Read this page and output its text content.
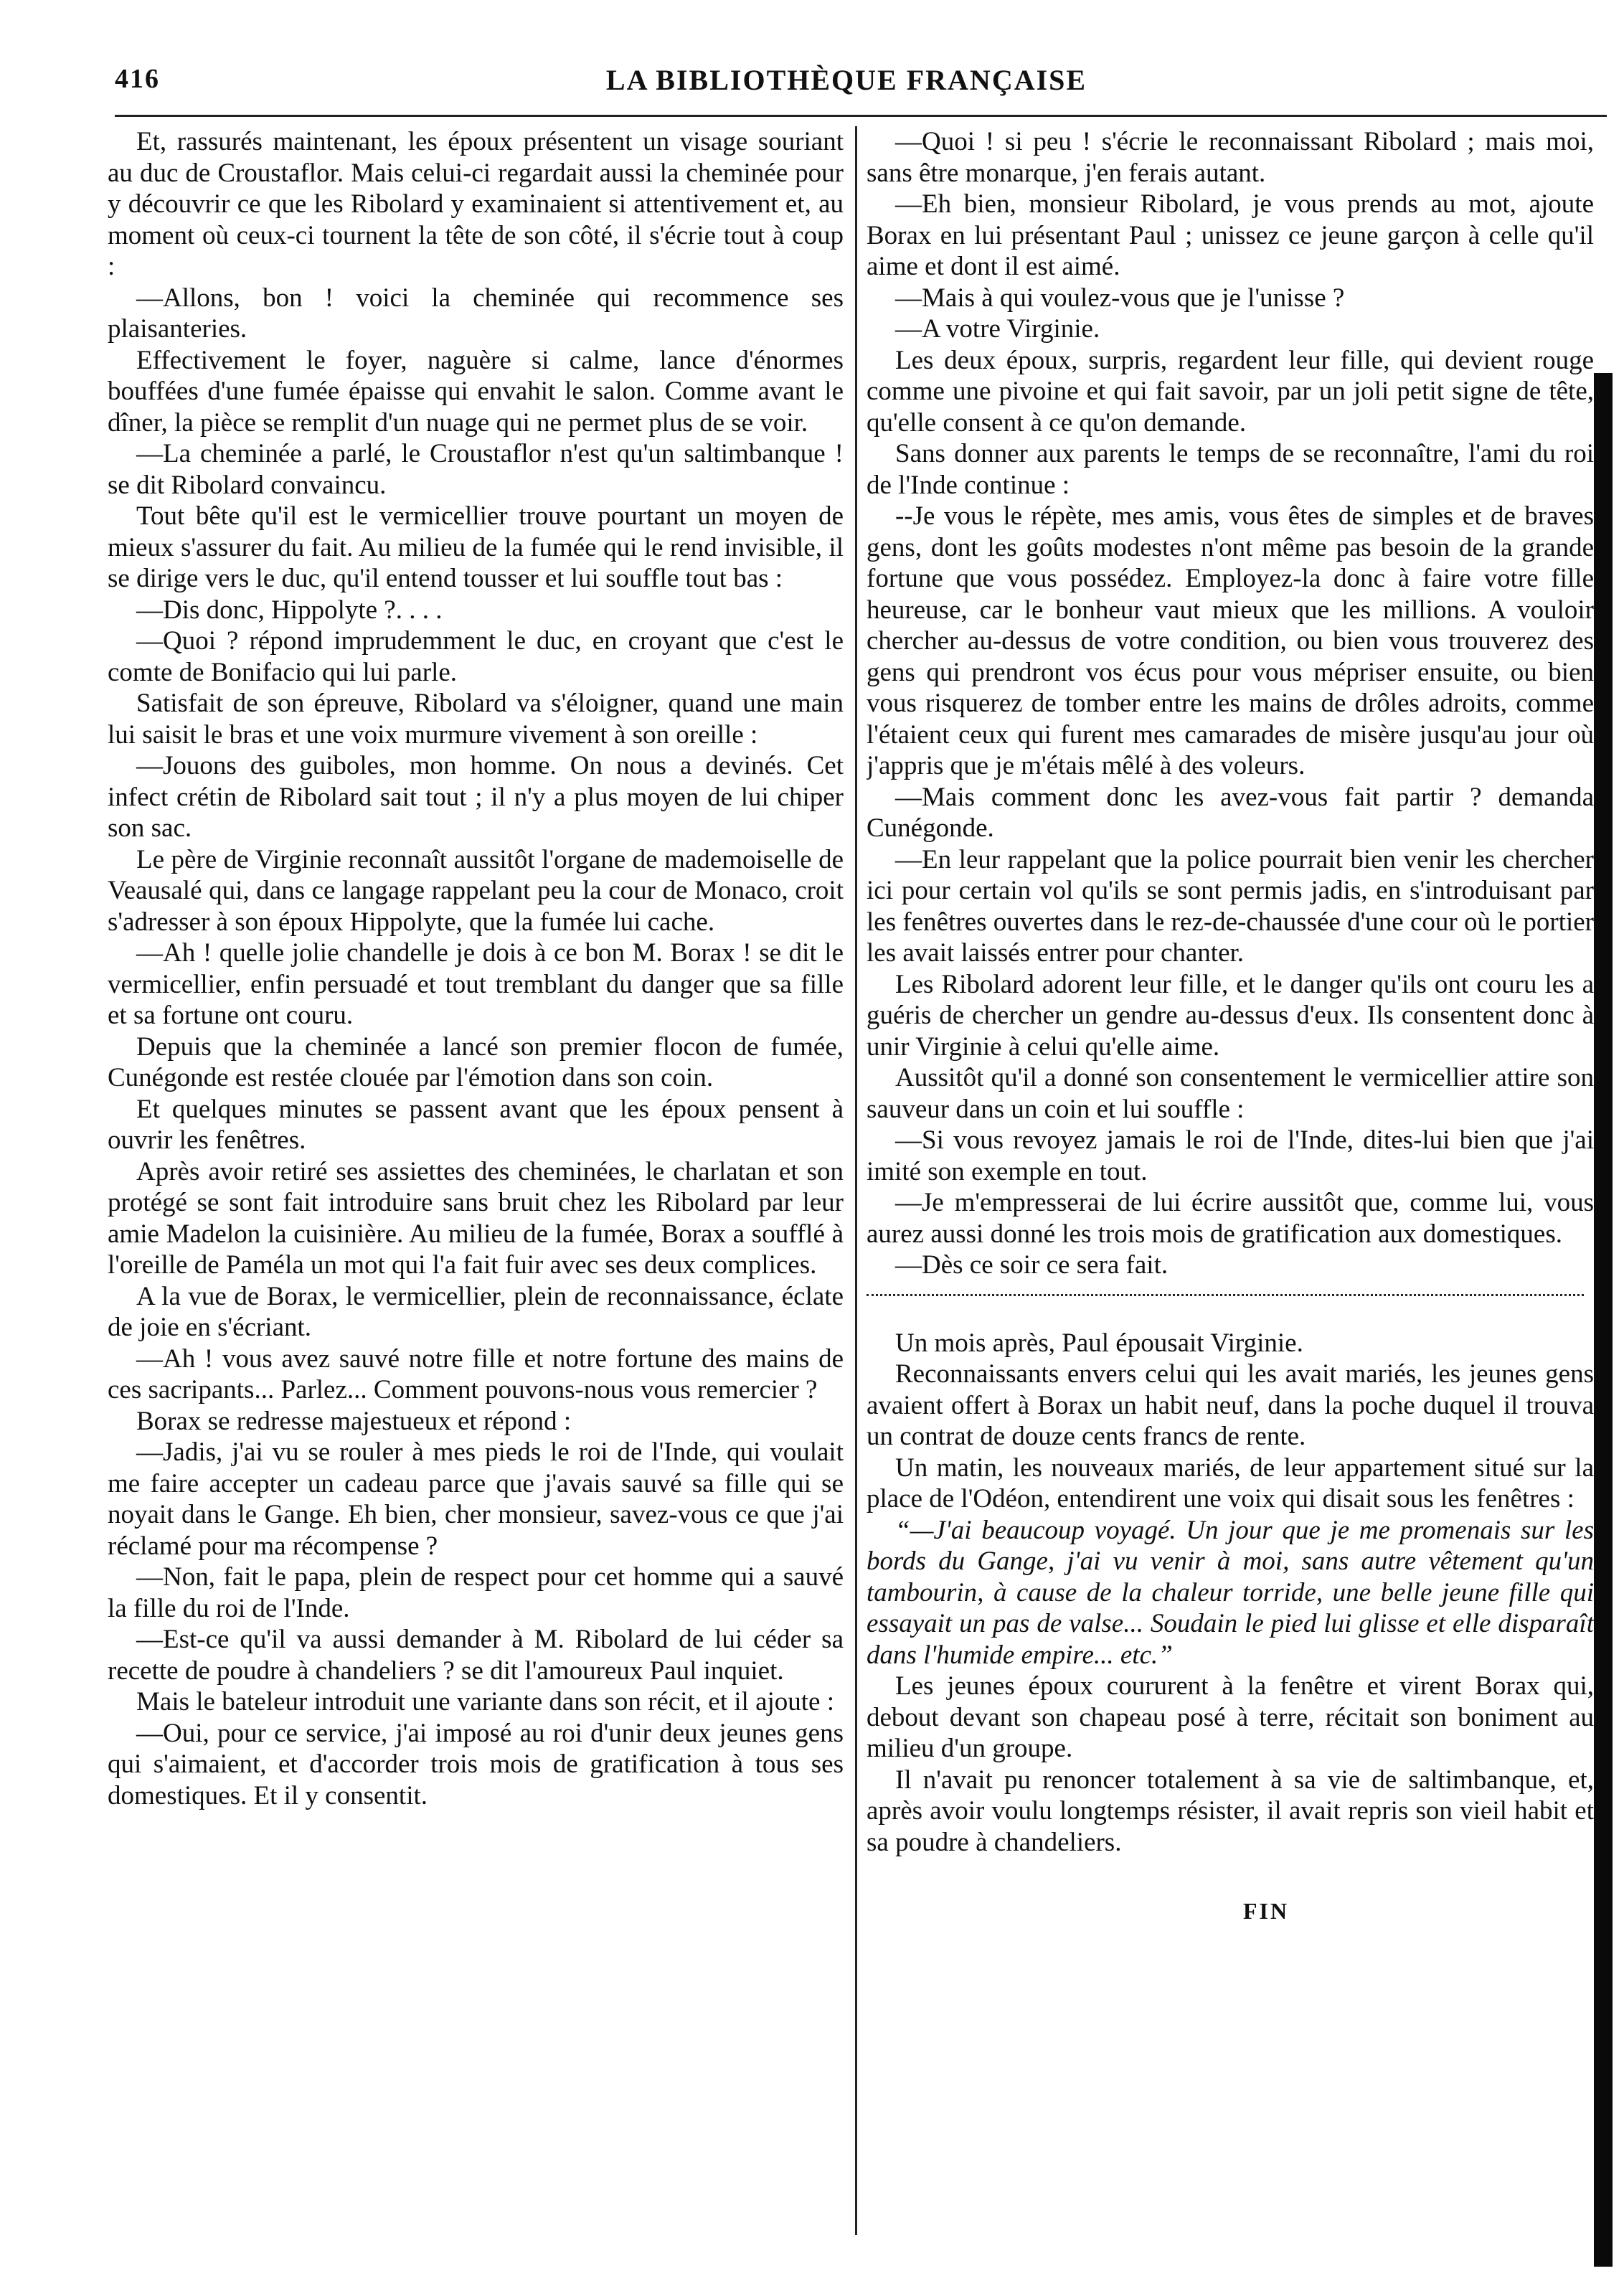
416	LA BIBLIOTHÈQUE FRANÇAISE

Et, rassurés maintenant, les époux présentent un visage souriant au duc de Croustaflor. Mais celui-ci regardait aussi la cheminée pour y découvrir ce que les Ribolard y examinaient si attentivement et, au moment où ceux-ci tournent la tête de son côté, il s'écrie tout à coup :

—Allons, bon ! voici la cheminée qui recommence ses plaisanteries.

Effectivement le foyer, naguère si calme, lance d'énormes bouffées d'une fumée épaisse qui envahit le salon. Comme avant le dîner, la pièce se remplit d'un nuage qui ne permet plus de se voir.

—La cheminée a parlé, le Croustaflor n'est qu'un saltimbanque ! se dit Ribolard convaincu.

Tout bête qu'il est le vermicellier trouve pourtant un moyen de mieux s'assurer du fait. Au milieu de la fumée qui le rend invisible, il se dirige vers le duc, qu'il entend tousser et lui souffle tout bas :

—Dis donc, Hippolyte ?. . . .

—Quoi ? répond imprudemment le duc, en croyant que c'est le comte de Bonifacio qui lui parle.

Satisfait de son épreuve, Ribolard va s'éloigner, quand une main lui saisit le bras et une voix murmure vivement à son oreille :

—Jouons des guiboles, mon homme. On nous a devinés. Cet infect crétin de Ribolard sait tout ; il n'y a plus moyen de lui chiper son sac.

Le père de Virginie reconnaît aussitôt l'organe de mademoiselle de Veausalé qui, dans ce langage rappelant peu la cour de Monaco, croit s'adresser à son époux Hippolyte, que la fumée lui cache.

—Ah ! quelle jolie chandelle je dois à ce bon M. Borax ! se dit le vermicellier, enfin persuadé et tout tremblant du danger que sa fille et sa fortune ont couru.

Depuis que la cheminée a lancé son premier flocon de fumée, Cunégonde est restée clouée par l'émotion dans son coin.

Et quelques minutes se passent avant que les époux pensent à ouvrir les fenêtres.

Après avoir retiré ses assiettes des cheminées, le charlatan et son protégé se sont fait introduire sans bruit chez les Ribolard par leur amie Madelon la cuisinière. Au milieu de la fumée, Borax a soufflé à l'oreille de Paméla un mot qui l'a fait fuir avec ses deux complices.

A la vue de Borax, le vermicellier, plein de reconnaissance, éclate de joie en s'écriant.

—Ah ! vous avez sauvé notre fille et notre fortune des mains de ces sacripants... Parlez... Comment pouvons-nous vous remercier ?

Borax se redresse majestueux et répond :

—Jadis, j'ai vu se rouler à mes pieds le roi de l'Inde, qui voulait me faire accepter un cadeau parce que j'avais sauvé sa fille qui se noyait dans le Gange. Eh bien, cher monsieur, savez-vous ce que j'ai réclamé pour ma récompense ?

—Non, fait le papa, plein de respect pour cet homme qui a sauvé la fille du roi de l'Inde.

—Est-ce qu'il va aussi demander à M. Ribolard de lui céder sa recette de poudre à chandeliers ? se dit l'amoureux Paul inquiet.

Mais le bateleur introduit une variante dans son récit, et il ajoute :

—Oui, pour ce service, j'ai imposé au roi d'unir deux jeunes gens qui s'aimaient, et d'accorder trois mois de gratification à tous ses domestiques. Et il y consentit.

—Quoi ! si peu ! s'écrie le reconnaissant Ribolard ; mais moi, sans être monarque, j'en ferais autant.

—Eh bien, monsieur Ribolard, je vous prends au mot, ajoute Borax en lui présentant Paul ; unissez ce jeune garçon à celle qu'il aime et dont il est aimé.

—Mais à qui voulez-vous que je l'unisse ?

—A votre Virginie.

Les deux époux, surpris, regardent leur fille, qui devient rouge comme une pivoine et qui fait savoir, par un joli petit signe de tête, qu'elle consent à ce qu'on demande.

Sans donner aux parents le temps de se reconnaître, l'ami du roi de l'Inde continue :

--Je vous le répète, mes amis, vous êtes de simples et de braves gens, dont les goûts modestes n'ont même pas besoin de la grande fortune que vous possédez. Employez-la donc à faire votre fille heureuse, car le bonheur vaut mieux que les millions. A vouloir chercher au-dessus de votre condition, ou bien vous trouverez des gens qui prendront vos écus pour vous mépriser ensuite, ou bien vous risquerez de tomber entre les mains de drôles adroits, comme l'étaient ceux qui furent mes camarades de misère jusqu'au jour où j'appris que je m'étais mêlé à des voleurs.

—Mais comment donc les avez-vous fait partir ? demanda Cunégonde.

—En leur rappelant que la police pourrait bien venir les chercher ici pour certain vol qu'ils se sont permis jadis, en s'introduisant par les fenêtres ouvertes dans le rez-de-chaussée d'une cour où le portier les avait laissés entrer pour chanter.

Les Ribolard adorent leur fille, et le danger qu'ils ont couru les a guéris de chercher un gendre au-dessus d'eux. Ils consentent donc à unir Virginie à celui qu'elle aime.

Aussitôt qu'il a donné son consentement le vermicellier attire son sauveur dans un coin et lui souffle :

—Si vous revoyez jamais le roi de l'Inde, dites-lui bien que j'ai imité son exemple en tout.

—Je m'empresserai de lui écrire aussitôt que, comme lui, vous aurez aussi donné les trois mois de gratification aux domestiques.

—Dès ce soir ce sera fait.

Un mois après, Paul épousait Virginie.

Reconnaissants envers celui qui les avait mariés, les jeunes gens avaient offert à Borax un habit neuf, dans la poche duquel il trouva un contrat de douze cents francs de rente.

Un matin, les nouveaux mariés, de leur appartement situé sur la place de l'Odéon, entendirent une voix qui disait sous les fenêtres :

“—J'ai beaucoup voyagé. Un jour que je me promenais sur les bords du Gange, j'ai vu venir à moi, sans autre vêtement qu'un tambourin, à cause de la chaleur torride, une belle jeune fille qui essayait un pas de valse... Soudain le pied lui glisse et elle disparaît dans l'humide empire... etc.”

Les jeunes époux coururent à la fenêtre et virent Borax qui, debout devant son chapeau posé à terre, récitait son boniment au milieu d'un groupe.

Il n'avait pu renoncer totalement à sa vie de saltimbanque, et, après avoir voulu longtemps résister, il avait repris son vieil habit et sa poudre à chandeliers.

FIN
